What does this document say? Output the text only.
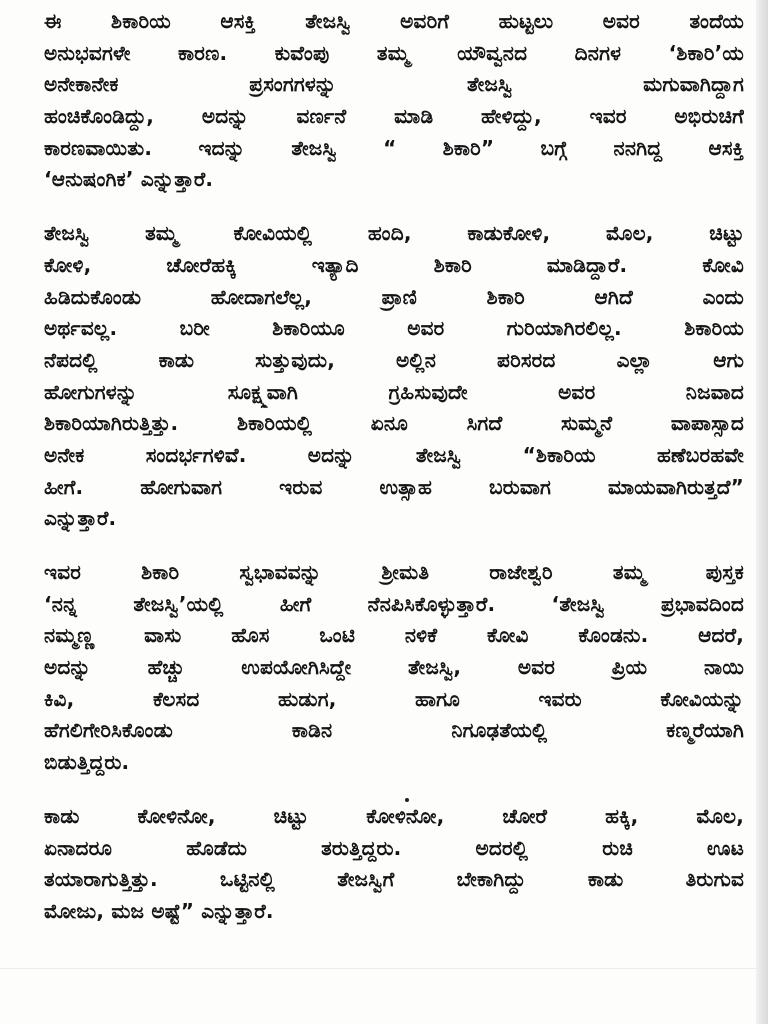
ಈ ಶಿಕಾರಿಯ ಆಸಕ್ತಿ ತೇಜಸ್ವಿ ಅವರಿಗೆ ಹುಟ್ಟಲು ಅವರ ತಂದೆಯ
ಅನುಭವಗಳೇ ಕಾರಣ. ಕುವೆಂಪು ತಮ್ಮ ಯೌವ್ವನದ ದಿನಗಳ ‘ಶಿಕಾರಿ’ಯ
ಅನೇಕಾನೇಕ ಪ್ರಸಂಗಗಳನ್ನು ತೇಜಸ್ವಿ ಮಗುವಾಗಿದ್ದಾಗ
ಹಂಚಿಕೊಂಡಿದ್ದು, ಅದನ್ನು ವರ್ಣನೆ ಮಾಡಿ ಹೇಳಿದ್ದು, ಇವರ ಅಭಿರುಚಿಗೆ
ಕಾರಣವಾಯಿತು. ಇದನ್ನು ತೇಜಸ್ವಿ “ ಶಿಕಾರಿ” ಬಗ್ಗೆ ನನಗಿದ್ದ ಆಸಕ್ತಿ
‘ಆನುಷಂಗಿಕ’ ಎನ್ನುತ್ತಾರೆ.
ತೇಜಸ್ವಿ ತಮ್ಮ ಕೋವಿಯಲ್ಲಿ ಹಂದಿ, ಕಾಡುಕೋಳಿ, ಮೊಲ, ಚಿಟ್ಟು
ಕೋಳಿ, ಚೋರೆಹಕ್ಕಿ ಇತ್ಯಾದಿ ಶಿಕಾರಿ ಮಾಡಿದ್ದಾರೆ. ಕೋವಿ
ಹಿಡಿದುಕೊಂಡು ಹೋದಾಗಲೆಲ್ಲ, ಪ್ರಾಣಿ ಶಿಕಾರಿ ಆಗಿದೆ ಎಂದು
ಅರ್ಥವಲ್ಲ. ಬರೀ ಶಿಕಾರಿಯೂ ಅವರ ಗುರಿಯಾಗಿರಲಿಲ್ಲ. ಶಿಕಾರಿಯ
ನೆಪದಲ್ಲಿ ಕಾಡು ಸುತ್ತುವುದು, ಅಲ್ಲಿನ ಪರಿಸರದ ಎಲ್ಲಾ ಆಗು
ಹೋಗುಗಳನ್ನು ಸೂಕ್ಷ್ಮವಾಗಿ ಗ್ರಹಿಸುವುದೇ ಅವರ ನಿಜವಾದ
ಶಿಕಾರಿಯಾಗಿರುತ್ತಿತ್ತು. ಶಿಕಾರಿಯಲ್ಲಿ ಏನೂ ಸಿಗದೆ ಸುಮ್ಮನೆ ವಾಪಾಸ್ಸಾದ
ಅನೇಕ ಸಂದರ್ಭಗಳಿವೆ. ಅದನ್ನು ತೇಜಸ್ವಿ “ಶಿಕಾರಿಯ ಹಣೆಬರಹವೇ
ಹೀಗೆ. ಹೋಗುವಾಗ ಇರುವ ಉತ್ಸಾಹ ಬರುವಾಗ ಮಾಯವಾಗಿರುತ್ತದೆ”
ಎನ್ನುತ್ತಾರೆ.
ಇವರ ಶಿಕಾರಿ ಸ್ವಭಾವವನ್ನು ಶ್ರೀಮತಿ ರಾಜೇಶ್ವರಿ ತಮ್ಮ ಪುಸ್ತಕ
‘ನನ್ನ ತೇಜಸ್ವಿ’ಯಲ್ಲಿ ಹೀಗೆ ನೆನಪಿಸಿಕೊಳ್ಳುತ್ತಾರೆ. ‘ತೇಜಸ್ವಿ ಪ್ರಭಾವದಿಂದ
ನಮ್ಮಣ್ಣ ವಾಸು ಹೊಸ ಒಂಟಿ ನಳಿಕೆ ಕೋವಿ ಕೊಂಡನು. ಆದರೆ,
ಅದನ್ನು ಹೆಚ್ಚು ಉಪಯೋಗಿಸಿದ್ದೇ ತೇಜಸ್ವಿ, ಅವರ ಪ್ರಿಯ ನಾಯಿ
ಕಿವಿ, ಕೆಲಸದ ಹುಡುಗ, ಹಾಗೂ ಇವರು ಕೋವಿಯನ್ನು
ಹೆಗಲಿಗೇರಿಸಿಕೊಂಡು ಕಾಡಿನ ನಿಗೂಢತೆಯಲ್ಲಿ ಕಣ್ಮರೆಯಾಗಿ
ಬಿಡುತ್ತಿದ್ದರು.
ಕಾಡು ಕೋಳಿನೋ, ಚಿಟ್ಟು ಕೋಳಿನೋ, ಚೋರೆ ಹಕ್ಕಿ, ಮೊಲ,
ಏನಾದರೂ ಹೊಡೆದು ತರುತ್ತಿದ್ದರು. ಅದರಲ್ಲಿ ರುಚಿ ಊಟ
ತಯಾರಾಗುತ್ತಿತ್ತು. ಒಟ್ಟಿನಲ್ಲಿ ತೇಜಸ್ವಿಗೆ ಬೇಕಾಗಿದ್ದು ಕಾಡು ತಿರುಗುವ
ಮೋಜು, ಮಜ ಅಷ್ಟೆ” ಎನ್ನುತ್ತಾರೆ.
